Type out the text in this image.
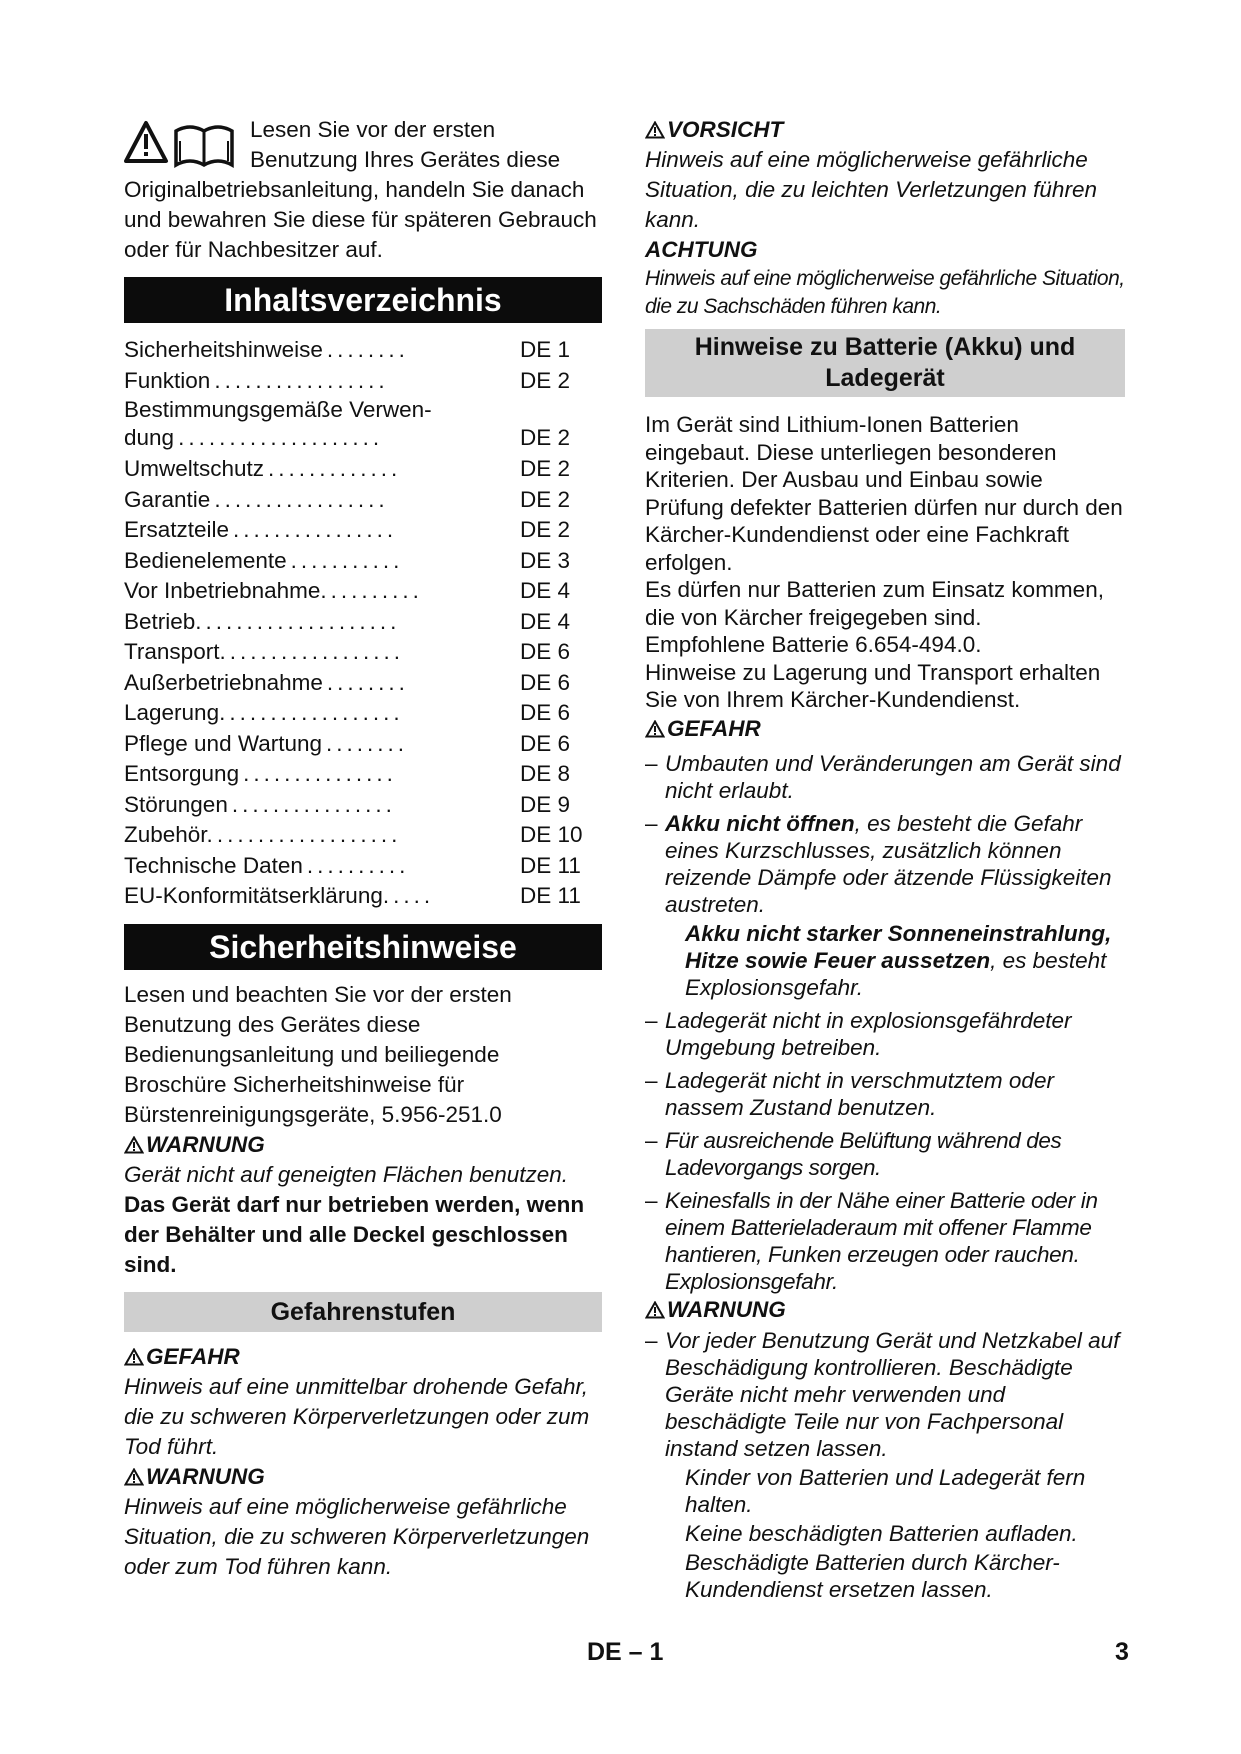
Lesen Sie vor der ersten Benutzung Ihres Gerätes diese Originalbetriebsanleitung, handeln Sie danach und bewahren Sie diese für späteren Gebrauch oder für Nachbesitzer auf.

Inhaltsverzeichnis
Sicherheitshinweise ........	DE 1
Funktion .................	DE 2
Bestimmungsgemäße Verwen-
dung ....................	DE 2
Umweltschutz .............	DE 2
Garantie .................	DE 2
Ersatzteile ................	DE 2
Bedienelemente ...........	DE 3
Vor Inbetriebnahme. .........	DE 4
Betrieb. ...................	DE 4
Transport. .................	DE 6
Außerbetriebnahme ........	DE 6
Lagerung. .................	DE 6
Pflege und Wartung ........	DE 6
Entsorgung ...............	DE 8
Störungen ................	DE 9
Zubehör. ..................	DE 10
Technische Daten ..........	DE 11
EU-Konformitätserklärung. ....	DE 11
Sicherheitshinweise

Lesen und beachten Sie vor der ersten Benutzung des Gerätes diese Bedienungsanleitung und beiliegende Broschüre Sicherheitshinweise für Bürstenreinigungsgeräte, 5.956-251.0

WARNUNG

Gerät nicht auf geneigten Flächen benutzen.

Das Gerät darf nur betrieben werden, wenn der Behälter und alle Deckel geschlossen sind.

Gefahrenstufen

GEFAHR

Hinweis auf eine unmittelbar drohende Gefahr, die zu schweren Körperverletzungen oder zum Tod führt.

WARNUNG

Hinweis auf eine möglicherweise gefährliche Situation, die zu schweren Körperverletzungen oder zum Tod führen kann.

VORSICHT

Hinweis auf eine möglicherweise gefährliche Situation, die zu leichten Verletzungen führen kann.

ACHTUNG

Hinweis auf eine möglicherweise gefährliche Situation, die zu Sachschäden führen kann.

Hinweise zu Batterie (Akku) und
Ladegerät

Im Gerät sind Lithium-Ionen Batterien eingebaut. Diese unterliegen besonderen Kriterien. Der Ausbau und Einbau sowie Prüfung defekter Batterien dürfen nur durch den Kärcher-Kundendienst oder eine Fachkraft erfolgen.

Es dürfen nur Batterien zum Einsatz kommen, die von Kärcher freigegeben sind.

Empfohlene Batterie 6.654-494.0.

Hinweise zu Lagerung und Transport erhalten Sie von Ihrem Kärcher-Kundendienst.

GEFAHR

– Umbauten und Veränderungen am Gerät sind nicht erlaubt.
– Akku nicht öffnen, es besteht die Gefahr eines Kurzschlusses, zusätzlich können reizende Dämpfe oder ätzende Flüssigkeiten austreten.
Akku nicht starker Sonneneinstrahlung, Hitze sowie Feuer aussetzen, es besteht Explosionsgefahr.
– Ladegerät nicht in explosionsgefährdeter Umgebung betreiben.
– Ladegerät nicht in verschmutztem oder nassem Zustand benutzen.
– Für ausreichende Belüftung während des Ladevorgangs sorgen.
– Keinesfalls in der Nähe einer Batterie oder in einem Batterieladeraum mit offener Flamme hantieren, Funken erzeugen oder rauchen. Explosionsgefahr.

WARNUNG

– Vor jeder Benutzung Gerät und Netzkabel auf Beschädigung kontrollieren. Beschädigte Geräte nicht mehr verwenden und beschädigte Teile nur von Fachpersonal instand setzen lassen.
Kinder von Batterien und Ladegerät fern halten.
Keine beschädigten Batterien aufladen.
Beschädigte Batterien durch Kärcher-Kundendienst ersetzen lassen.
DE – 1	3
